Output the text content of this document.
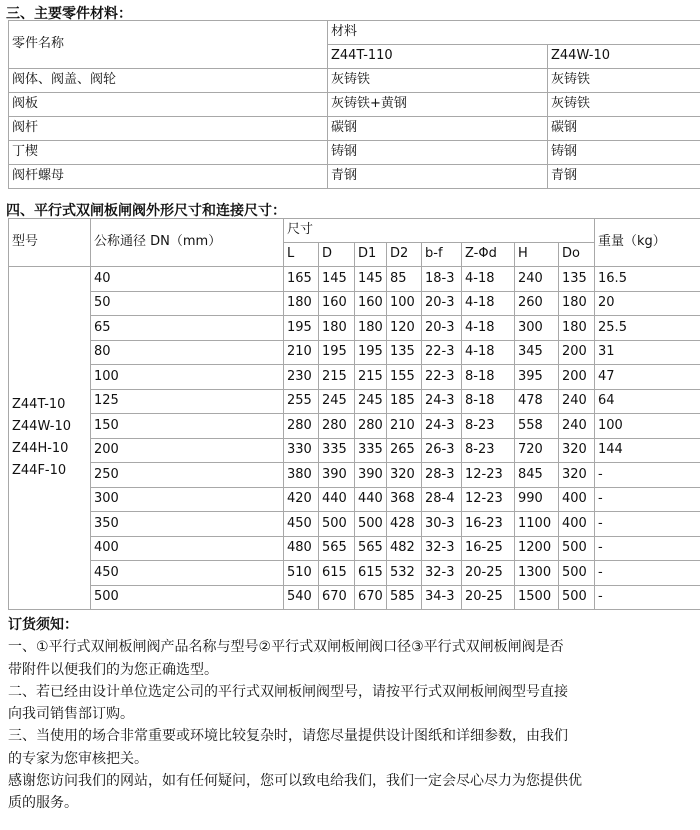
三、主要零件材料：
零件名称	材料	
	Z44T-110	Z44W-10
阀体、阀盖、阀轮	灰铸铁	灰铸铁
阀板	灰铸铁+黄钢	灰铸铁
阀杆	碳钢	碳钢
丁楔	铸钢	铸钢
阀杆螺母	青钢	青钢
四、平行式双闸板闸阀外形尺寸和连接尺寸：
型号	公称通径 DN（mm）	尺寸								重量（kg）
		L	D	D1	D2	b-f	Z-Φd	H	Do	

Z44T-10
Z44W-10
Z44H-10
Z44F-10	40	165	145	145	85	18-3	4-18	240	135	16.5
	50	180	160	160	100	20-3	4-18	260	180	20
	65	195	180	180	120	20-3	4-18	300	180	25.5
	80	210	195	195	135	22-3	4-18	345	200	31
	100	230	215	215	155	22-3	8-18	395	200	47
	125	255	245	245	185	24-3	8-18	478	240	64
	150	280	280	280	210	24-3	8-23	558	240	100
	200	330	335	335	265	26-3	8-23	720	320	144
	250	380	390	390	320	28-3	12-23	845	320	-
	300	420	440	440	368	28-4	12-23	990	400	-
	350	450	500	500	428	30-3	16-23	1100	400	-
	400	480	565	565	482	32-3	16-25	1200	500	-
	450	510	615	615	532	32-3	20-25	1300	500	-
	500	540	670	670	585	34-3	20-25	1500	500	-

订货须知：

一、①平行式双闸板闸阀产品名称与型号②平行式双闸板闸阀口径③平行式双闸板闸阀是否

带附件以便我们的为您正确选型。

二、若已经由设计单位选定公司的平行式双闸板闸阀型号，请按平行式双闸板闸阀型号直接

向我司销售部订购。

三、当使用的场合非常重要或环境比较复杂时，请您尽量提供设计图纸和详细参数，由我们

的专家为您审核把关。

感谢您访问我们的网站，如有任何疑问，您可以致电给我们，我们一定会尽心尽力为您提供优

质的服务。
